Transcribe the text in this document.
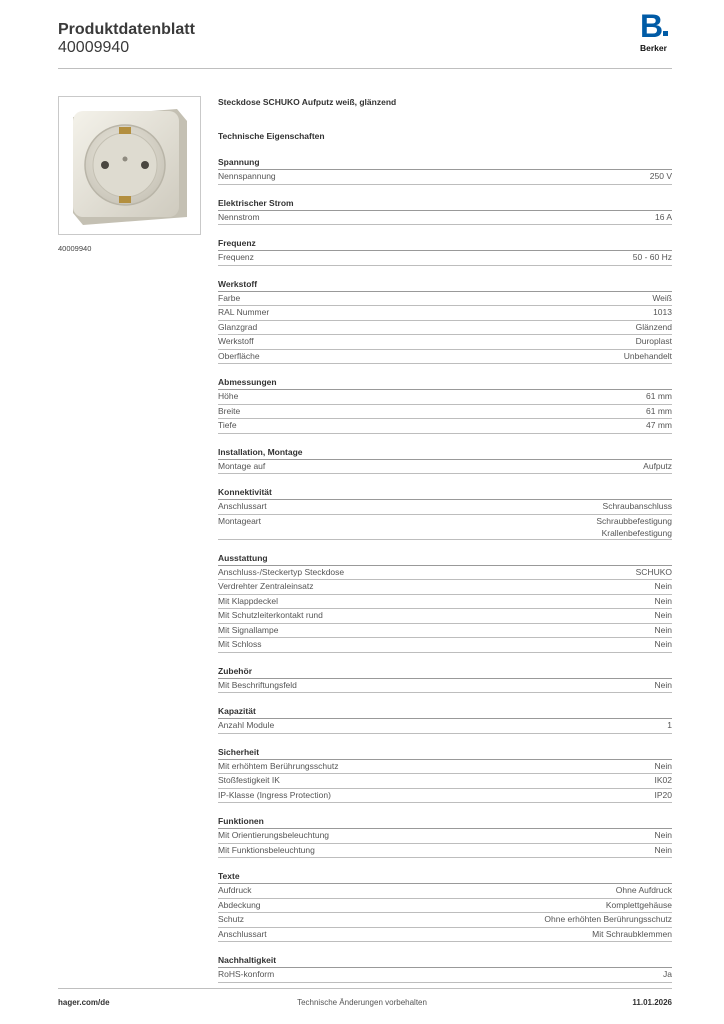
Produktdatenblatt
40009940
B
Berker
40009940
Steckdose SCHUKO Aufputz weiß, glänzend
Technische Eigenschaften
Spannung
Nennspannung	250 V
Elektrischer Strom
Nennstrom	16 A
Frequenz
Frequenz	50 - 60 Hz
Werkstoff
Farbe	Weiß
RAL Nummer	1013
Glanzgrad	Glänzend
Werkstoff	Duroplast
Oberfläche	Unbehandelt
Abmessungen
Höhe	61 mm
Breite	61 mm
Tiefe	47 mm
Installation, Montage
Montage auf	Aufputz
Konnektivität
Anschlussart	Schraubanschluss
Montageart	Schraubbefestigung
Krallenbefestigung
Ausstattung
Anschluss-/Steckertyp Steckdose	SCHUKO
Verdrehter Zentraleinsatz	Nein
Mit Klappdeckel	Nein
Mit Schutzleiterkontakt rund	Nein
Mit Signallampe	Nein
Mit Schloss	Nein
Zubehör
Mit Beschriftungsfeld	Nein
Kapazität
Anzahl Module	1
Sicherheit
Mit erhöhtem Berührungsschutz	Nein
Stoßfestigkeit IK	IK02
IP-Klasse (Ingress Protection)	IP20
Funktionen
Mit Orientierungsbeleuchtung	Nein
Mit Funktionsbeleuchtung	Nein
Texte
Aufdruck	Ohne Aufdruck
Abdeckung	Komplettgehäuse
Schutz	Ohne erhöhten Berührungsschutz
Anschlussart	Mit Schraubklemmen
Nachhaltigkeit
RoHS-konform	Ja
hager.com/de	Technische Änderungen vorbehalten	11.01.2026
